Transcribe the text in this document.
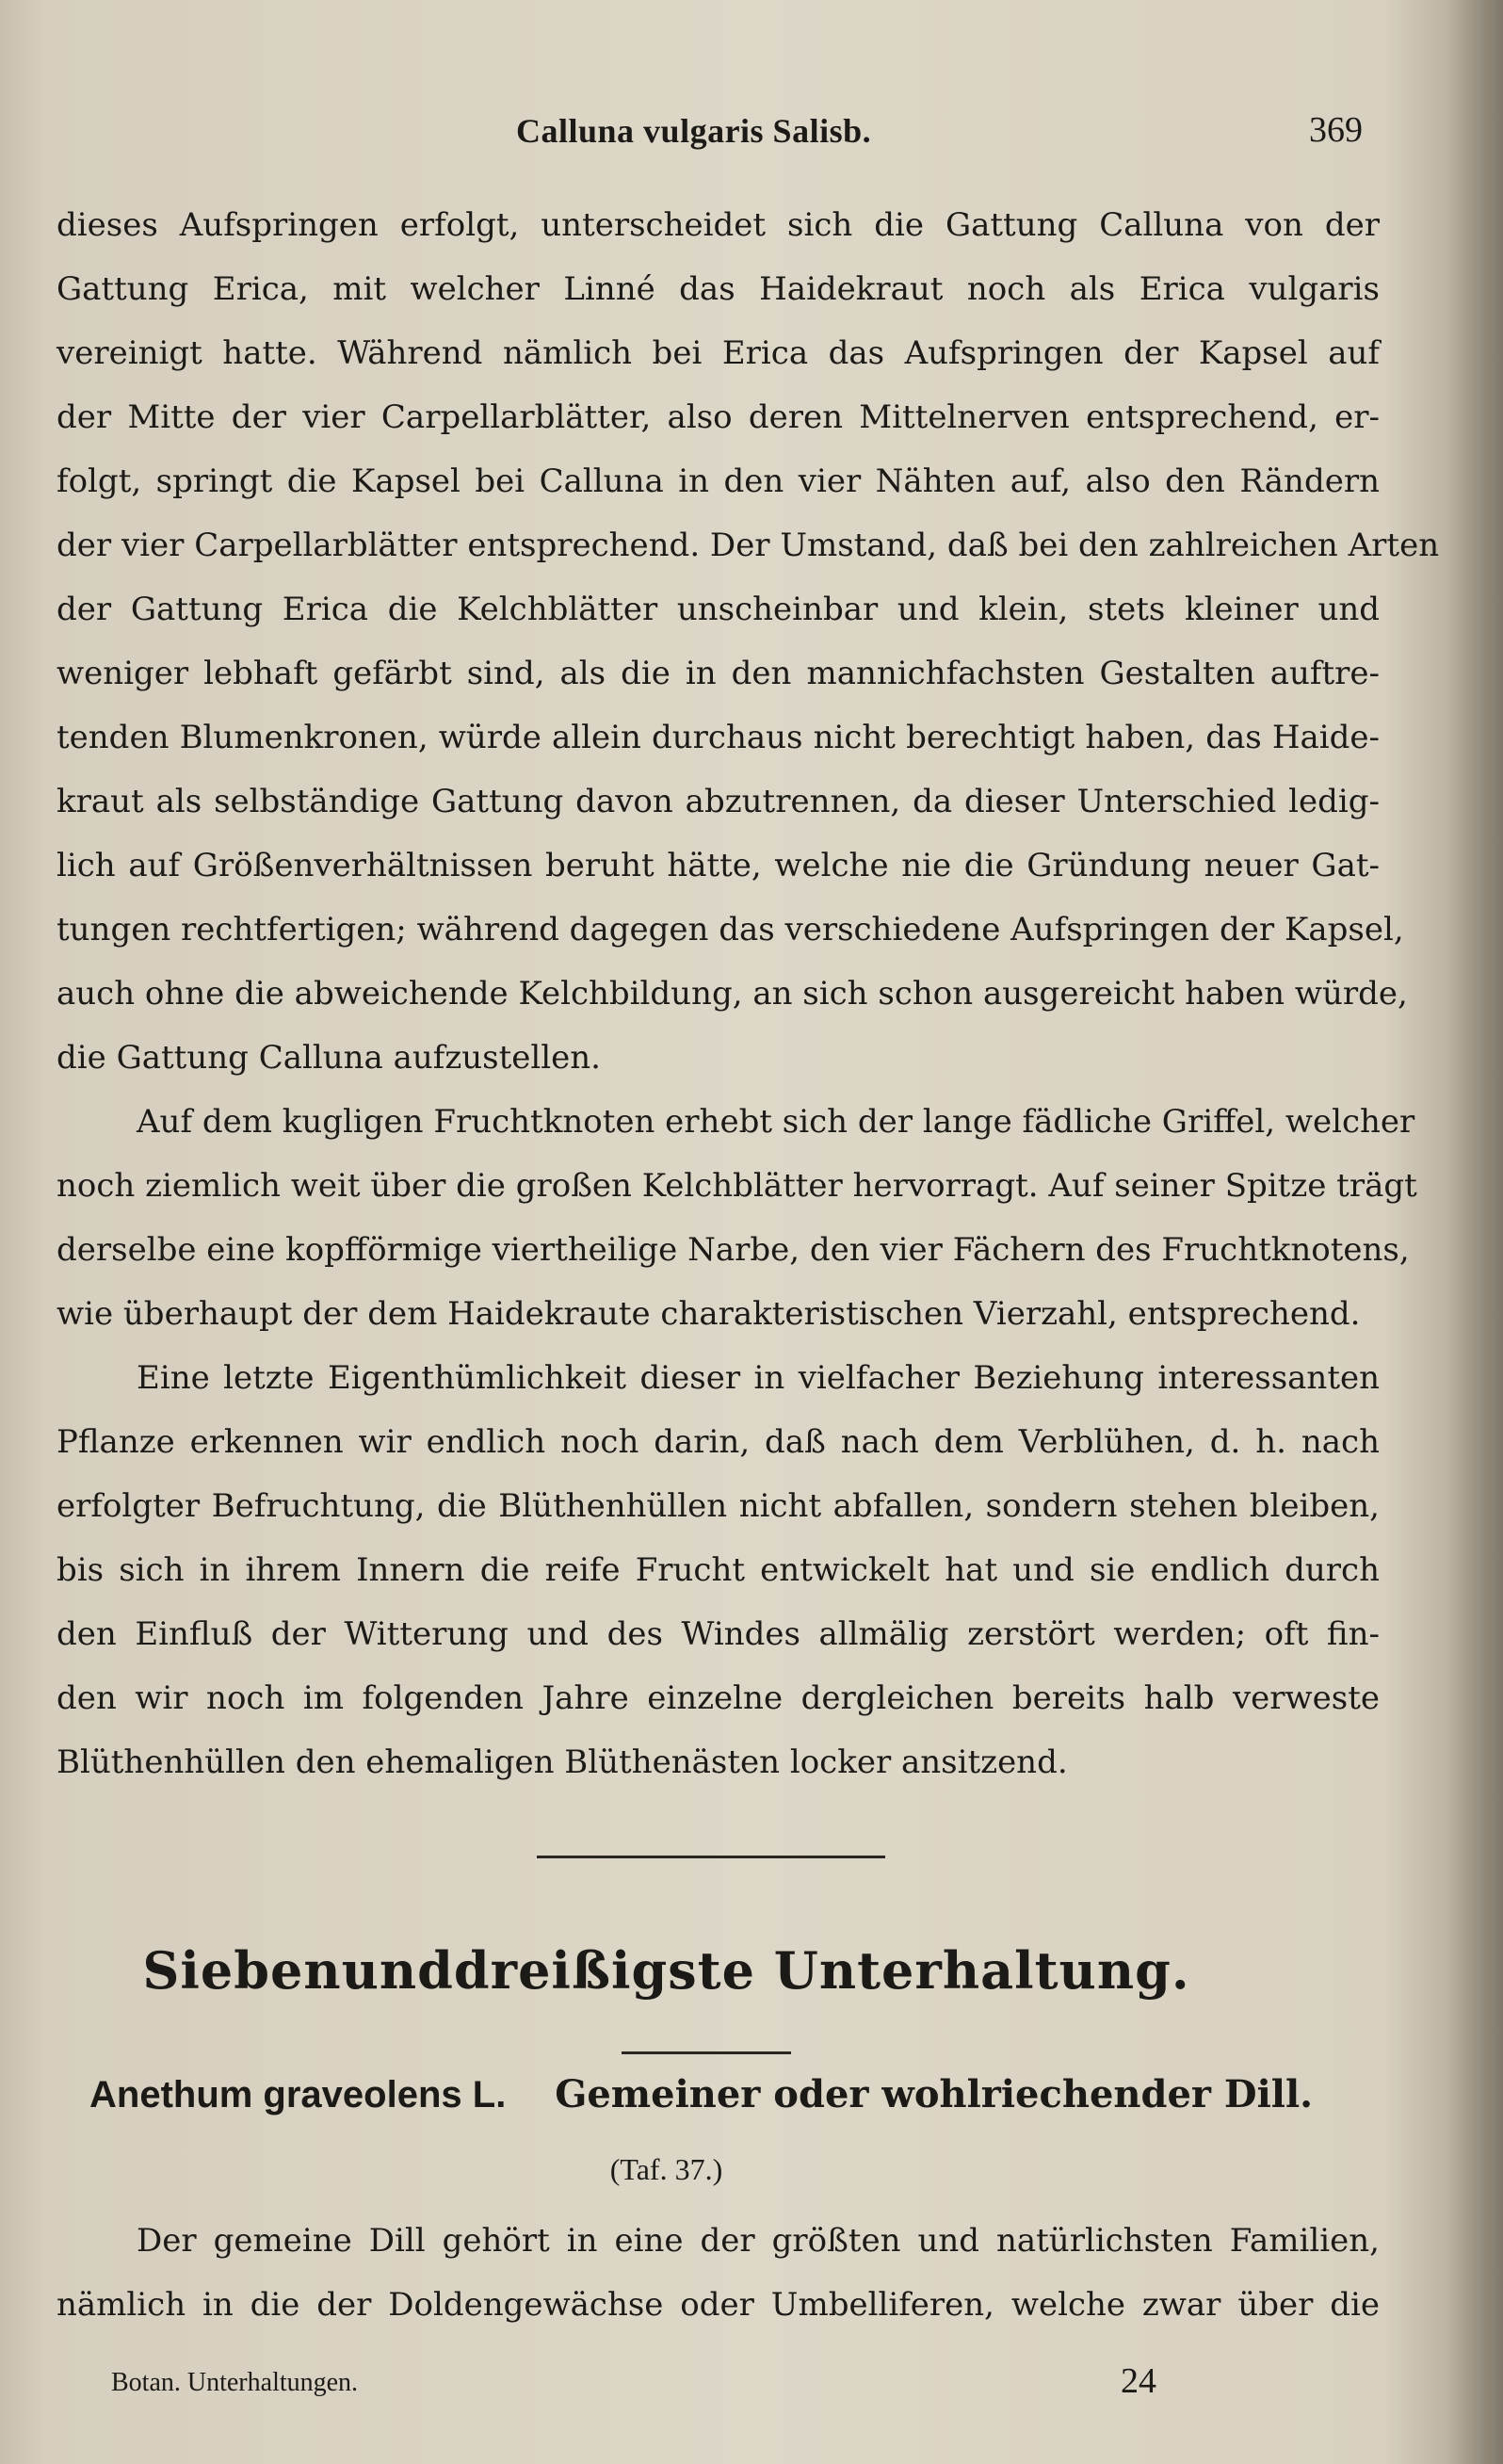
Calluna vulgaris Salisb.	369
dieses Aufspringen erfolgt, unterscheidet sich die Gattung Calluna von der
Gattung Erica, mit welcher Linné das Haidekraut noch als Erica vulgaris
vereinigt hatte. Während nämlich bei Erica das Aufspringen der Kapsel auf
der Mitte der vier Carpellarblätter, also deren Mittelnerven entsprechend, er-
folgt, springt die Kapsel bei Calluna in den vier Nähten auf, also den Rändern
der vier Carpellarblätter entsprechend. Der Umstand, daß bei den zahlreichen Arten
der Gattung Erica die Kelchblätter unscheinbar und klein, stets kleiner und
weniger lebhaft gefärbt sind, als die in den mannichfachsten Gestalten auftre-
tenden Blumenkronen, würde allein durchaus nicht berechtigt haben, das Haide-
kraut als selbständige Gattung davon abzutrennen, da dieser Unterschied ledig-
lich auf Größenverhältnissen beruht hätte, welche nie die Gründung neuer Gat-
tungen rechtfertigen; während dagegen das verschiedene Aufspringen der Kapsel,
auch ohne die abweichende Kelchbildung, an sich schon ausgereicht haben würde,
die Gattung Calluna aufzustellen.
Auf dem kugligen Fruchtknoten erhebt sich der lange fädliche Griffel, welcher
noch ziemlich weit über die großen Kelchblätter hervorragt. Auf seiner Spitze trägt
derselbe eine kopfförmige viertheilige Narbe, den vier Fächern des Fruchtknotens,
wie überhaupt der dem Haidekraute charakteristischen Vierzahl, entsprechend.
Eine letzte Eigenthümlichkeit dieser in vielfacher Beziehung interessanten
Pflanze erkennen wir endlich noch darin, daß nach dem Verblühen, d. h. nach
erfolgter Befruchtung, die Blüthenhüllen nicht abfallen, sondern stehen bleiben,
bis sich in ihrem Innern die reife Frucht entwickelt hat und sie endlich durch
den Einfluß der Witterung und des Windes allmälig zerstört werden; oft fin-
den wir noch im folgenden Jahre einzelne dergleichen bereits halb verweste
Blüthenhüllen den ehemaligen Blüthenästen locker ansitzend.
Siebenunddreißigste Unterhaltung.
Anethum graveolens L. Gemeiner oder wohlriechender Dill.
(Taf. 37.)
Der gemeine Dill gehört in eine der größten und natürlichsten Familien,
nämlich in die der Doldengewächse oder Umbelliferen, welche zwar über die
Botan. Unterhaltungen.	24
